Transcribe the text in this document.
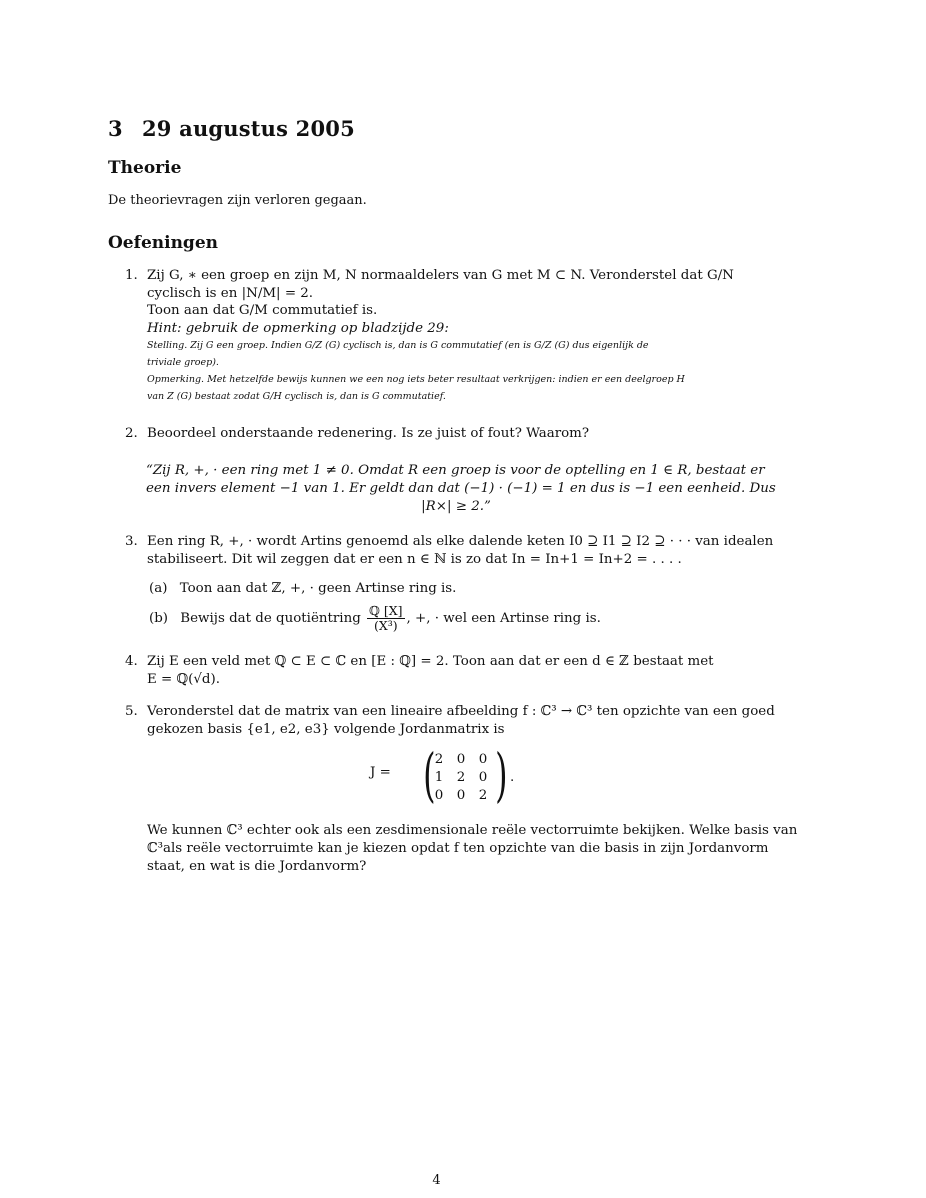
3 29 augustus 2005
Theorie

De theorievragen zijn verloren gegaan.

Oefeningen
1. Zij G, ∗ een groep en zijn M, N normaaldelers van G met M ⊂ N. Veronderstel dat G/N
cyclisch is en |N/M| = 2.
Toon aan dat G/M commutatief is.
Hint: gebruik de opmerking op bladzijde 29:
Stelling. Zij G een groep. Indien G/Z (G) cyclisch is, dan is G commutatief (en is G/Z (G) dus eigenlijk de
triviale groep).
Opmerking. Met hetzelfde bewijs kunnen we een nog iets beter resultaat verkrijgen: indien er een deelgroep H
van Z (G) bestaat zodat G/H cyclisch is, dan is G commutatief.
2. Beoordeel onderstaande redenering. Is ze juist of fout? Waarom?
“Zij R, +, · een ring met 1 ≠ 0. Omdat R een groep is voor de optelling en 1 ∈ R, bestaat er
een invers element −1 van 1. Er geldt dan dat (−1) · (−1) = 1 en dus is −1 een eenheid. Dus
|R×| ≥ 2.”
3. Een ring R, +, · wordt Artins genoemd als elke dalende keten I0 ⊇ I1 ⊇ I2 ⊇ · · · van idealen
stabiliseert. Dit wil zeggen dat er een n ∈ ℕ is zo dat In = In+1 = In+2 = . . . .
(a) Toon aan dat ℤ, +, · geen Artinse ring is.
(b) Bewijs dat de quotiëntring $\frac{\text{ℚ [X]}}{\text{(X³)}}$ , +, · wel een Artinse ring is.
4. Zij E een veld met ℚ ⊂ E ⊂ ℂ en [E : ℚ] = 2. Toon aan dat er een d ∈ ℤ bestaat met
E = ℚ(√d).
5. Veronderstel dat de matrix van een lineaire afbeelding f : ℂ³ → ℂ³ ten opzichte van een goed
gekozen basis {e1, e2, e3} volgende Jordanmatrix is
J = ( 2 0 0
1 2 0
0 0 2 ) .
We kunnen ℂ³ echter ook als een zesdimensionale reële vectorruimte bekijken. Welke basis van
ℂ³als reële vectorruimte kan je kiezen opdat f ten opzichte van die basis in zijn Jordanvorm
staat, en wat is die Jordanvorm?
4
